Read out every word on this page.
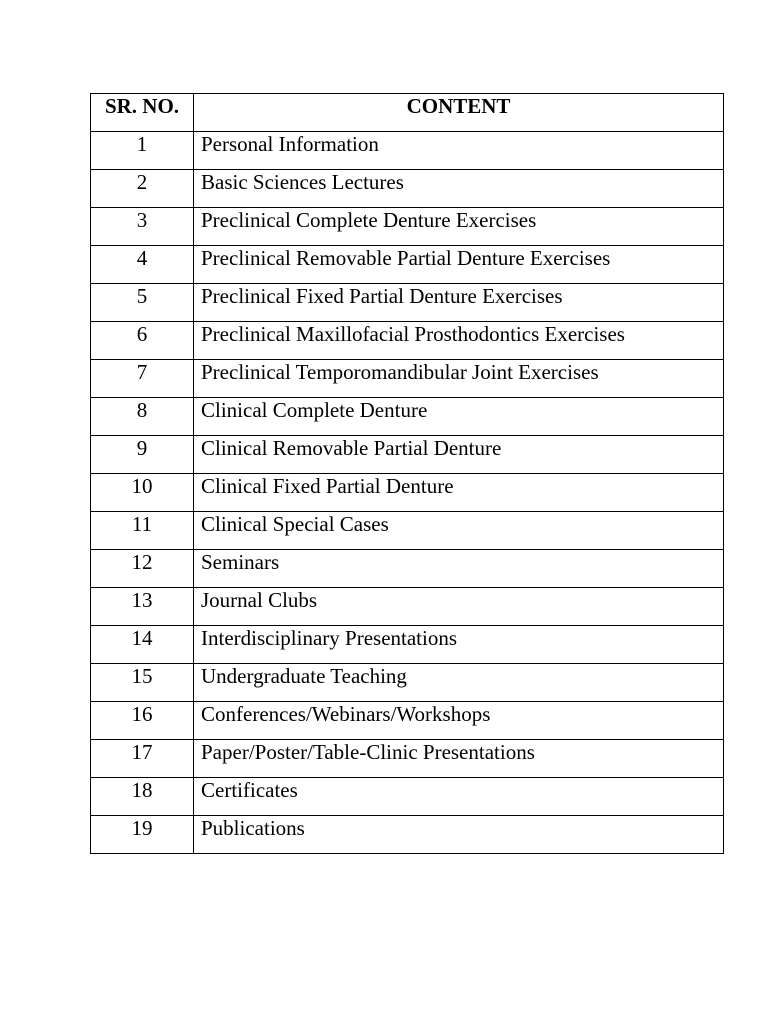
SR. NO.	CONTENT
1	Personal Information
2	Basic Sciences Lectures
3	Preclinical Complete Denture Exercises
4	Preclinical Removable Partial Denture Exercises
5	Preclinical Fixed Partial Denture Exercises
6	Preclinical Maxillofacial Prosthodontics Exercises
7	Preclinical Temporomandibular Joint Exercises
8	Clinical Complete Denture
9	Clinical Removable Partial Denture
10	Clinical Fixed Partial Denture
11	Clinical Special Cases
12	Seminars
13	Journal Clubs
14	Interdisciplinary Presentations
15	Undergraduate Teaching
16	Conferences/Webinars/Workshops
17	Paper/Poster/Table-Clinic Presentations
18	Certificates
19	Publications
